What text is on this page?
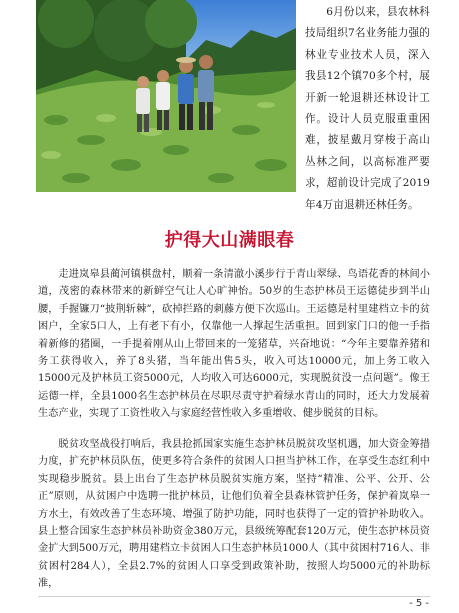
6月份以来，县农林科技局组织7名业务能力强的林业专业技术人员，深入我县12个镇70多个村，展开新一轮退耕还林设计工作。设计人员克服重重困难，披星戴月穿梭于高山丛林之间，以高标准严要求，超前设计完成了2019年4万亩退耕还林任务。

护得大山满眼春

走进岚皋县蔺河镇棋盘村，顺着一条清澈小溪步行于青山翠绿、鸟语花香的林间小道，茂密的森林带来的新鲜空气让人心旷神怡。50岁的生态护林员王运德徒步到半山腰，手握镰刀“披荆斩棘”，砍掉拦路的刺藤方便下次巡山。王运德是村里建档立卡的贫困户，全家5口人，上有老下有小，仅靠他一人撑起生活重担。回到家门口的他一手指着新修的猪圈，一手提着刚从山上带回来的一笼猪草，兴奋地说：“今年主要靠养猪和务工获得收入，养了8头猪，当年能出售5头，收入可达10000元，加上务工收入15000元及护林员工资5000元，人均收入可达6000元，实现脱贫没一点问题”。像王运德一样，全县1000名生态护林员在尽职尽责守护着绿水青山的同时，还大力发展着生态产业，实现了工资性收入与家庭经营性收入多重增收、健步脱贫的目标。

脱贫攻坚战役打响后，我县抢抓国家实施生态护林员脱贫攻坚机遇，加大资金筹措力度，扩充护林员队伍，使更多符合条件的贫困人口担当护林工作，在享受生态红利中实现稳步脱贫。县上出台了生态护林员脱贫实施方案，坚持“精准、公平、公开、公正”原则，从贫困户中选聘一批护林员，让他们负着全县森林管护任务，保护着岚皋一方水土，有效改善了生态环境、增强了防护功能，同时也获得了一定的管护补助收入。县上整合国家生态护林员补助资金380万元，县级统筹配套120万元，使生态护林员资金扩大到500万元，聘用建档立卡贫困人口生态护林员1000人（其中贫困村716人、非贫困村284人），全县2.7%的贫困人口享受到政策补助，按照人均5000元的补助标准，

- 5 -
